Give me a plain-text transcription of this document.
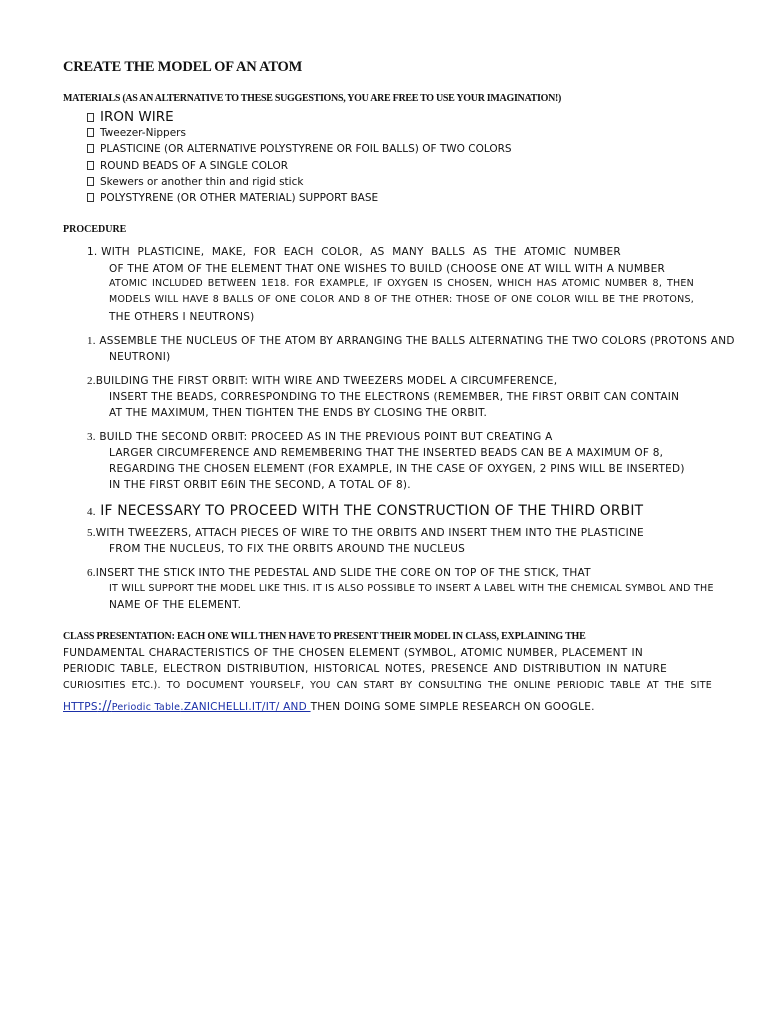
CREATE THE MODEL OF AN ATOM
MATERIALS (AS AN ALTERNATIVE TO THESE SUGGESTIONS, YOU ARE FREE TO USE YOUR IMAGINATION!)
IRON WIRE
Tweezer-Nippers
PLASTICINE (OR ALTERNATIVE POLYSTYRENE OR FOIL BALLS) OF TWO COLORS
ROUND BEADS OF A SINGLE COLOR
Skewers or another thin and rigid stick
POLYSTYRENE (OR OTHER MATERIAL) SUPPORT BASE
PROCEDURE
1. WITH PLASTICINE, MAKE, FOR EACH COLOR, AS MANY BALLS AS THE ATOMIC NUMBER
OF THE ATOM OF THE ELEMENT THAT ONE WISHES TO BUILD (CHOOSE ONE AT WILL WITH A NUMBER
ATOMIC INCLUDED BETWEEN 1E18. FOR EXAMPLE, IF OXYGEN IS CHOSEN, WHICH HAS ATOMIC NUMBER 8, THEN
MODELS WILL HAVE 8 BALLS OF ONE COLOR AND 8 OF THE OTHER: THOSE OF ONE COLOR WILL BE THE PROTONS,
THE OTHERS I NEUTRONS)
1. ASSEMBLE THE NUCLEUS OF THE ATOM BY ARRANGING THE BALLS ALTERNATING THE TWO COLORS (PROTONS AND
NEUTRONI)
2.BUILDING THE FIRST ORBIT: WITH WIRE AND TWEEZERS MODEL A CIRCUMFERENCE,
INSERT THE BEADS, CORRESPONDING TO THE ELECTRONS (REMEMBER, THE FIRST ORBIT CAN CONTAIN
AT THE MAXIMUM, THEN TIGHTEN THE ENDS BY CLOSING THE ORBIT.
3. BUILD THE SECOND ORBIT: PROCEED AS IN THE PREVIOUS POINT BUT CREATING A
LARGER CIRCUMFERENCE AND REMEMBERING THAT THE INSERTED BEADS CAN BE A MAXIMUM OF 8,
REGARDING THE CHOSEN ELEMENT (FOR EXAMPLE, IN THE CASE OF OXYGEN, 2 PINS WILL BE INSERTED)
IN THE FIRST ORBIT E6IN THE SECOND, A TOTAL OF 8).
4. IF NECESSARY TO PROCEED WITH THE CONSTRUCTION OF THE THIRD ORBIT
5.WITH TWEEZERS, ATTACH PIECES OF WIRE TO THE ORBITS AND INSERT THEM INTO THE PLASTICINE
FROM THE NUCLEUS, TO FIX THE ORBITS AROUND THE NUCLEUS
6.INSERT THE STICK INTO THE PEDESTAL AND SLIDE THE CORE ON TOP OF THE STICK, THAT
IT WILL SUPPORT THE MODEL LIKE THIS. IT IS ALSO POSSIBLE TO INSERT A LABEL WITH THE CHEMICAL SYMBOL AND THE
NAME OF THE ELEMENT.
CLASS PRESENTATION: EACH ONE WILL THEN HAVE TO PRESENT THEIR MODEL IN CLASS, EXPLAINING THE
FUNDAMENTAL CHARACTERISTICS OF THE CHOSEN ELEMENT (SYMBOL, ATOMIC NUMBER, PLACEMENT IN
PERIODIC TABLE, ELECTRON DISTRIBUTION, HISTORICAL NOTES, PRESENCE AND DISTRIBUTION IN NATURE
CURIOSITIES ETC.). TO DOCUMENT YOURSELF, YOU CAN START BY CONSULTING THE ONLINE PERIODIC TABLE AT THE SITE
HTTPS://Periodic Table.ZANICHELLI.IT/IT/ AND THEN DOING SOME SIMPLE RESEARCH ON GOOGLE.
